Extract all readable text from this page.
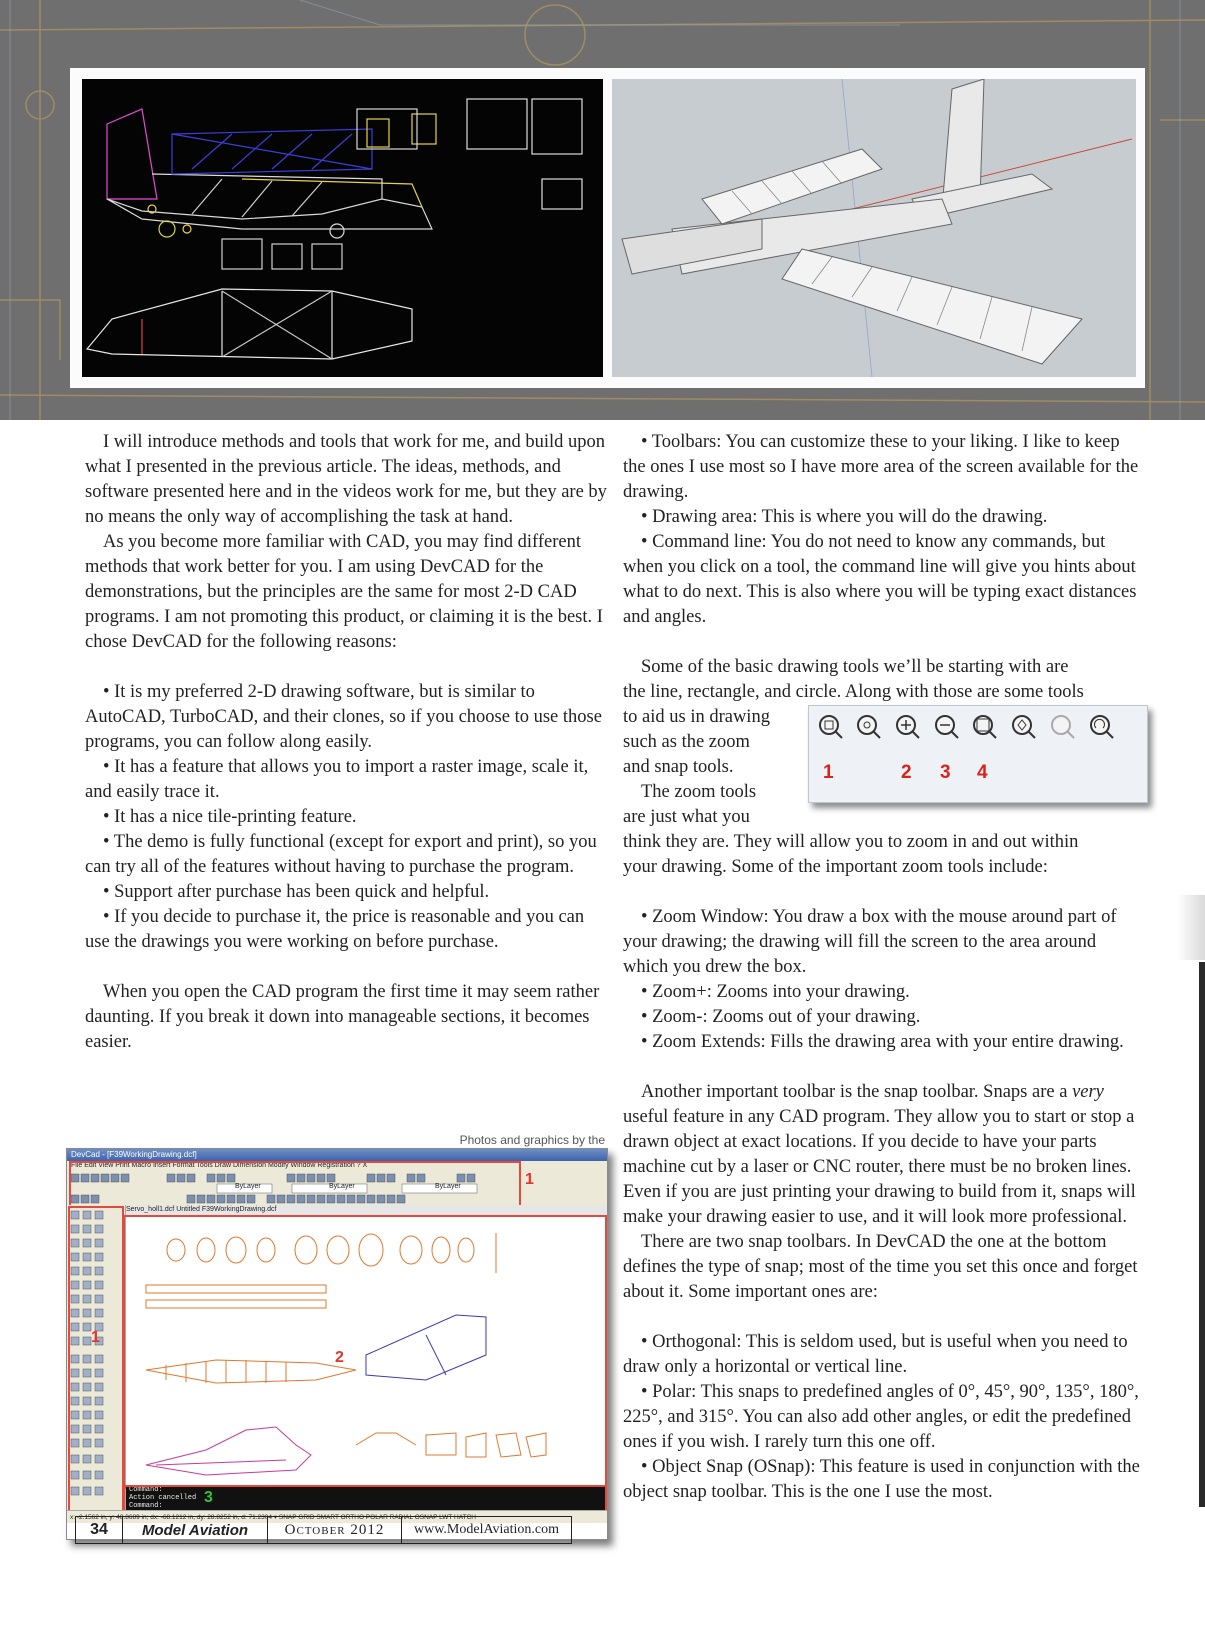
I will introduce methods and tools that work for me, and build upon what I presented in the previous article. The ideas, methods, and software presented here and in the videos work for me, but they are by no means the only way of accomplishing the task at hand.

As you become more familiar with CAD, you may find different methods that work better for you. I am using DevCAD for the demonstrations, but the principles are the same for most 2-D CAD programs. I am not promoting this product, or claiming it is the best. I chose DevCAD for the following reasons:

• It is my preferred 2-D drawing software, but is similar to AutoCAD, TurboCAD, and their clones, so if you choose to use those programs, you can follow along easily.

• It has a feature that allows you to import a raster image, scale it, and easily trace it.

• It has a nice tile-printing feature.

• The demo is fully functional (except for export and print), so you can try all of the features without having to purchase the program.

• Support after purchase has been quick and helpful.

• If you decide to purchase it, the price is reasonable and you can use the drawings you were working on before purchase.

When you open the CAD program the first time it may seem rather daunting. If you break it down into manageable sections, it becomes easier.

• Toolbars: You can customize these to your liking. I like to keep the ones I use most so I have more area of the screen available for the drawing.

• Drawing area: This is where you will do the drawing.

• Command line: You do not need to know any commands, but when you click on a tool, the command line will give you hints about what to do next. This is also where you will be typing exact distances and angles.

Some of the basic drawing tools we’ll be starting with are
the line, rectangle, and circle. Along with those are some tools
to aid us in drawing
such as the zoom
and snap tools.
The zoom tools
are just what you
think they are. They will allow you to zoom in and out within
your drawing. Some of the important zoom tools include:

• Zoom Window: You draw a box with the mouse around part of your drawing; the drawing will fill the screen to the area around which you drew the box.

• Zoom+: Zooms into your drawing.

• Zoom-: Zooms out of your drawing.

• Zoom Extends: Fills the drawing area with your entire drawing.

Another important toolbar is the snap toolbar. Snaps are a very useful feature in any CAD program. They allow you to start or stop a drawn object at exact locations. If you decide to have your parts machine cut by a laser or CNC router, there must be no broken lines. Even if you are just printing your drawing to build from it, snaps will make your drawing easier to use, and it will look more professional.

There are two snap toolbars. In DevCAD the one at the bottom defines the type of snap; most of the time you set this once and forget about it. Some important ones are:

• Orthogonal: This is seldom used, but is useful when you need to draw only a horizontal or vertical line.

• Polar: This snaps to predefined angles of 0°, 45°, 90°, 135°, 180°, 225°, and 315°. You can also add other angles, or edit the predefined ones if you wish. I rarely turn this one off.

• Object Snap (OSnap): This feature is used in conjunction with the object snap toolbar. This is the one I use the most.

1	2 3 4
Photos and graphics by the
DevCad - [F39WorkingDrawing.dcf]
File Edit View Print Macro Insert Format Tools Draw Dimension Modify Window Registration ? X
ByLayer	ByLayer	ByLayer	1
1
Servo_holl1.dcf Untitled F39WorkingDrawing.dcf
2
Command:
Action cancelled
Command:	3
x: -2.1562 in, y: 48.8689 in; dx: -68.1212 in, dy: 28.8252 in, d: 71.2304 ▾ SNAP GRID SMART ORTHO POLAR RADIAL OSNAP LWT HATCH
34	Model Aviation	October 2012	www.ModelAviation.com
